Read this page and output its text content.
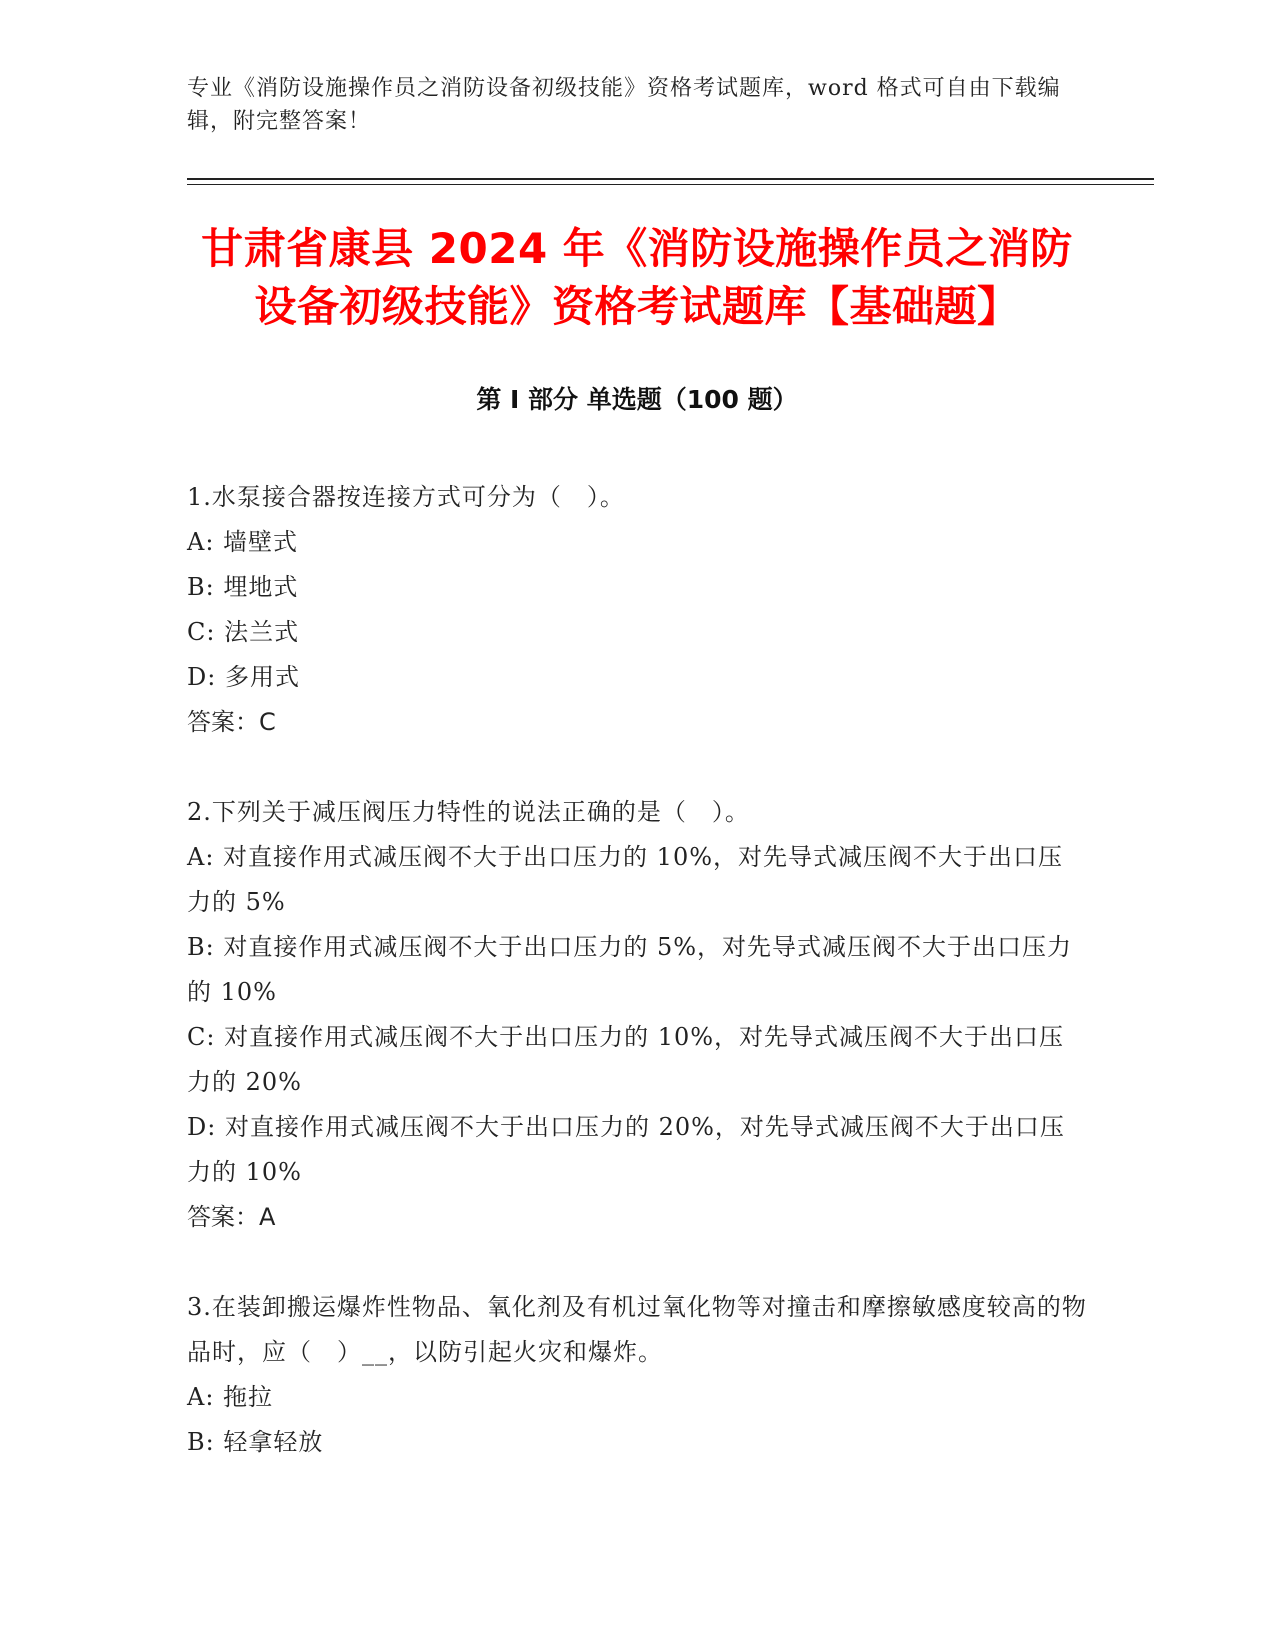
专业《消防设施操作员之消防设备初级技能》资格考试题库，word 格式可自由下载编辑，附完整答案！
甘肃省康县 2024 年《消防设施操作员之消防设备初级技能》资格考试题库【基础题】
第 I 部分 单选题（100 题）

1.水泵接合器按连接方式可分为（　）。

A: 墙壁式

B: 埋地式

C: 法兰式

D: 多用式

答案：C

2.下列关于减压阀压力特性的说法正确的是（　）。

A: 对直接作用式减压阀不大于出口压力的 10%，对先导式减压阀不大于出口压力的 5%

B: 对直接作用式减压阀不大于出口压力的 5%，对先导式减压阀不大于出口压力的 10%

C: 对直接作用式减压阀不大于出口压力的 10%，对先导式减压阀不大于出口压力的 20%

D: 对直接作用式减压阀不大于出口压力的 20%，对先导式减压阀不大于出口压力的 10%

答案：A

3.在装卸搬运爆炸性物品、氧化剂及有机过氧化物等对撞击和摩擦敏感度较高的物品时，应（　）__，以防引起火灾和爆炸。

A: 拖拉

B: 轻拿轻放
